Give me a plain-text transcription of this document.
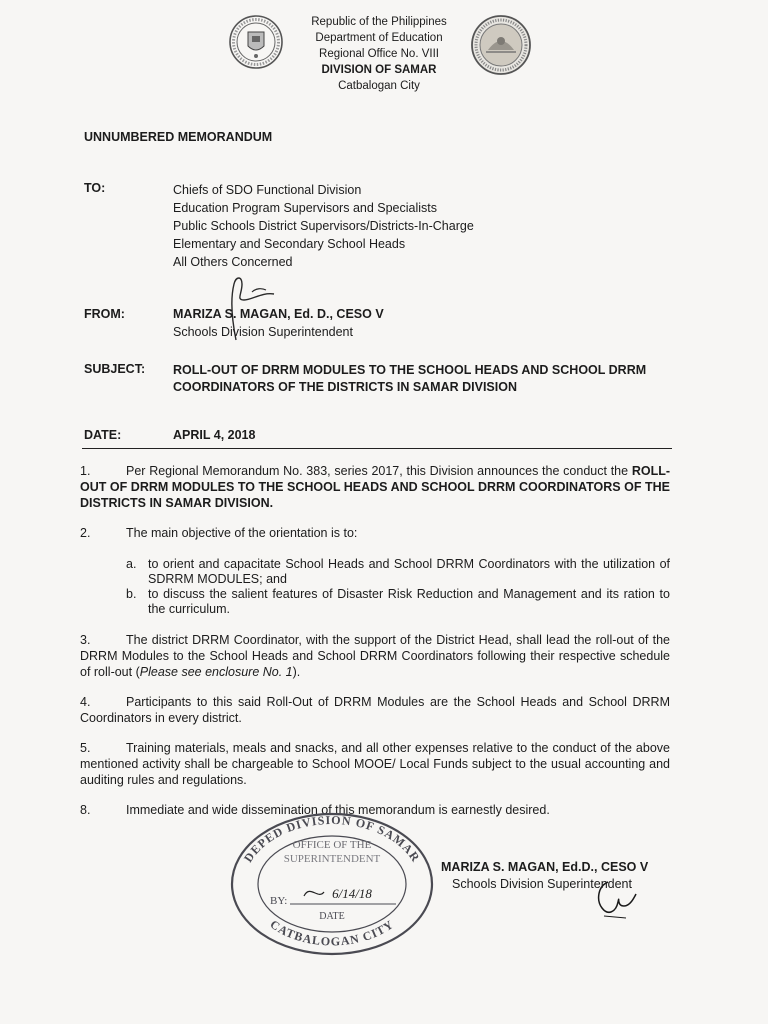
Republic of the Philippines
Department of Education
Regional Office No. VIII
DIVISION OF SAMAR
Catbalogan City
UNNUMBERED MEMORANDUM
TO:	Chiefs of SDO Functional Division
Education Program Supervisors and Specialists
Public Schools District Supervisors/Districts-In-Charge
Elementary and Secondary School Heads
All Others Concerned
FROM:	MARIZA S. MAGAN, Ed. D., CESO V
Schools Division Superintendent
SUBJECT: ROLL-OUT OF DRRM MODULES TO THE SCHOOL HEADS AND SCHOOL DRRM COORDINATORS OF THE DISTRICTS IN SAMAR DIVISION
DATE:	APRIL 4, 2018
1.	Per Regional Memorandum No. 383, series 2017, this Division announces the conduct the ROLL-OUT OF DRRM MODULES TO THE SCHOOL HEADS AND SCHOOL DRRM COORDINATORS OF THE DISTRICTS IN SAMAR DIVISION.
2.	The main objective of the orientation is to:
a. to orient and capacitate School Heads and School DRRM Coordinators with the utilization of SDRRM MODULES; and
b. to discuss the salient features of Disaster Risk Reduction and Management and its ration to the curriculum.
3.	The district DRRM Coordinator, with the support of the District Head, shall lead the roll-out of the DRRM Modules to the School Heads and School DRRM Coordinators following their respective schedule of roll-out (Please see enclosure No. 1).
4.	Participants to this said Roll-Out of DRRM Modules are the School Heads and School DRRM Coordinators in every district.
5.	Training materials, meals and snacks, and all other expenses relative to the conduct of the above mentioned activity shall be chargeable to School MOOE/ Local Funds subject to the usual accounting and auditing rules and regulations.
8.	Immediate and wide dissemination of this memorandum is earnestly desired.
DEPED DIVISION OF SAMAR
CATBALOGAN CITY
OFFICE OF THE
SUPERINTENDENT
BY:
DATE
6/14/18
MARIZA S. MAGAN, Ed.D., CESO V
Schools Division Superintendent
